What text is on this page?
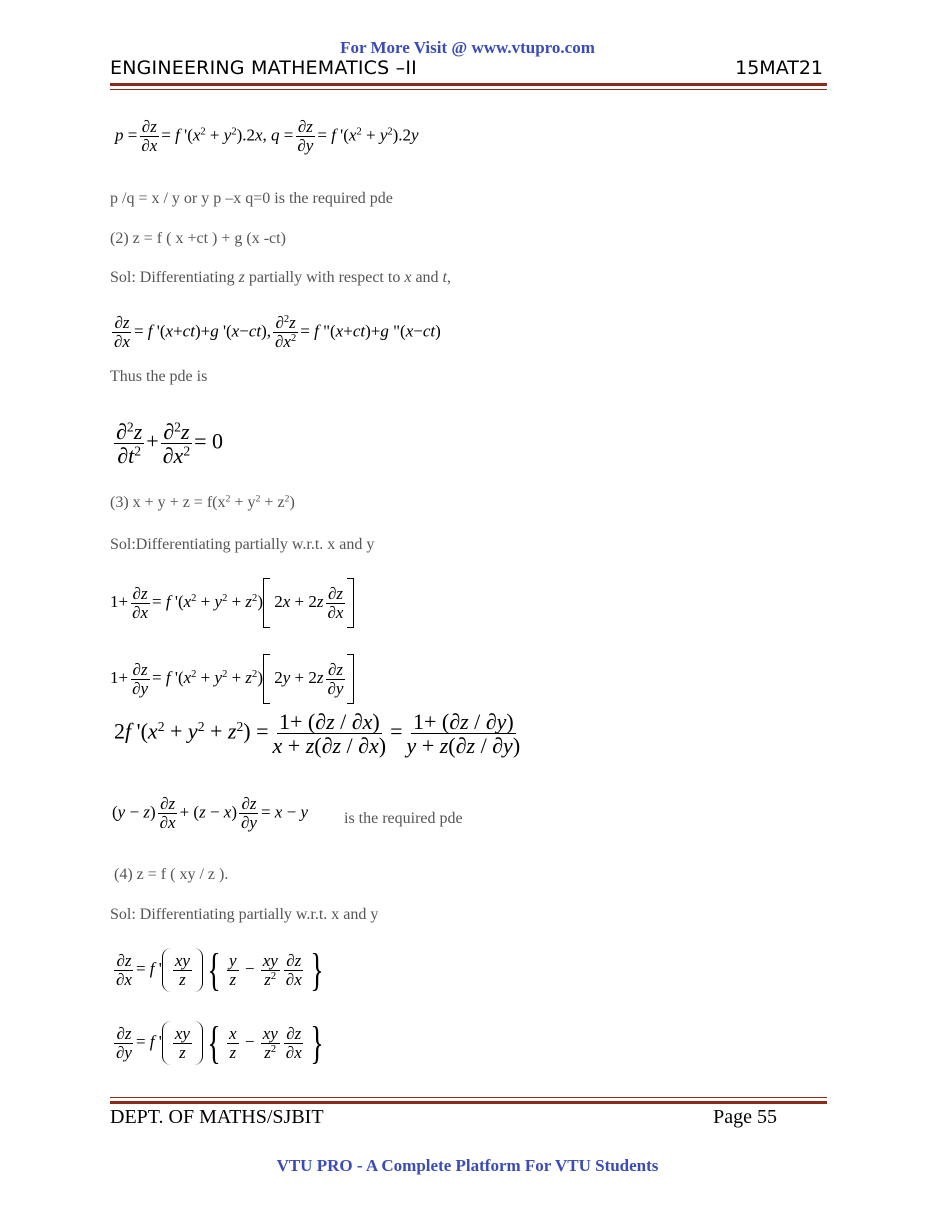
For More Visit @ www.vtupro.com
ENGINEERING MATHEMATICS –II	15MAT21
$p = \frac{\partial z}{\partial x} = f$ '$(x^2 + y^2).2x$, $q = \frac{\partial z}{\partial y} = f$ '$(x^2 + y^2).2y$
p /q = x / y or y p –x q=0 is the required pde
(2) z = f ( x +ct ) + g (x -ct)
Sol: Differentiating z partially with respect to x and t,
$\frac{\partial z}{\partial x} = f$ '(x+ct)+g '(x−ct), $\frac{\partial^2z}{\partial x^2} = f$ "(x+ct)+g "(x−ct)
Thus the pde is
$\frac{\partial^2z}{\partial t^2} + \frac{\partial^2z}{\partial x^2} = 0$
(3) $x + y + z = f(x^2 + y^2 + z^2)$
Sol:Differentiating partially w.r.t. x and y
$1+ \frac{\partial z}{\partial x} = f$ '$(x^2 + y^2 + z^2) 2x + 2z \frac{\partial z}{\partial x}$
$1+ \frac{\partial z}{\partial y} = f$ '$(x^2 + y^2 + z^2) 2y + 2z \frac{\partial z}{\partial y}$
2f '$(x^2 + y^2 + z^2) = \frac{1+ (\partial z / \partial x)}{x + z(\partial z / \partial x)} = \frac{1+ (\partial z / \partial y)}{y + z(\partial z / \partial y)}$
$(y - z) \frac{\partial z}{\partial x} + (z - x) \frac{\partial z}{\partial y} = x - y$ is the required pde
(4) z = f ( xy / z ).
Sol: Differentiating partially w.r.t. x and y
$\frac{\partial z}{\partial x} = f$ ' $\frac{xy}{z}$ { $\frac{y}{z} - \frac{xy}{z^2} \frac{\partial z}{\partial x}$ }
$\frac{\partial z}{\partial y} = f$ ' $\frac{xy}{z}$ { $\frac{x}{z} - \frac{xy}{z^2} \frac{\partial z}{\partial x}$ }
DEPT. OF MATHS/SJBIT	Page 55
VTU PRO - A Complete Platform For VTU Students
